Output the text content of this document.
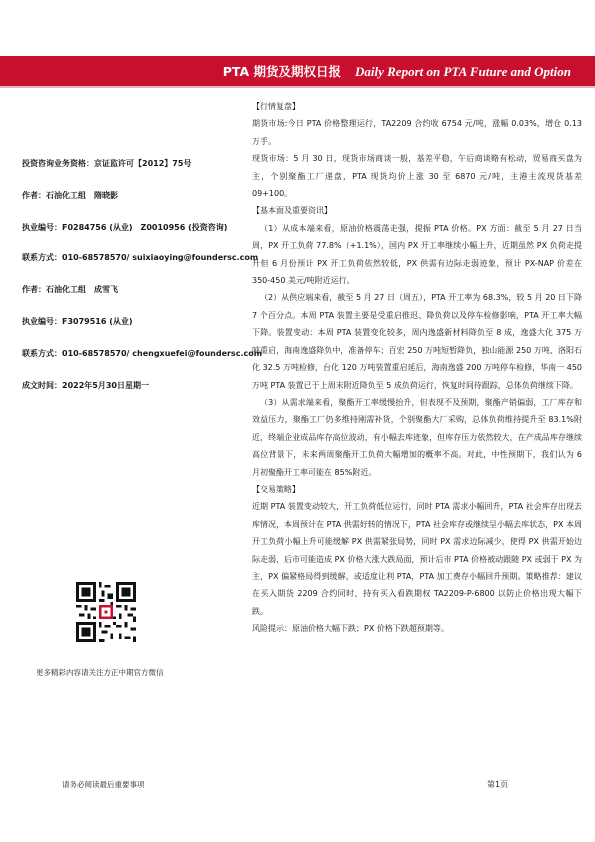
PTA 期货及期权日报 Daily Report on PTA Future and Option
投资咨询业务资格：京证监许可【2012】75号
作者：石油化工组　隋晓影
执业编号：F0284756 (从业)　Z0010956 (投资咨询)
联系方式：010-68578570/ suixiaoying@foundersc.com
作者：石油化工组　成雪飞
执业编号：F3079516 (从业)
联系方式：010-68578570/ chengxuefei@foundersc.com
成文时间：2022年5月30日星期一
更多精彩内容请关注方正中期官方微信
【行情复盘】

期货市场:今日 PTA 价格整理运行，TA2209 合约收 6754 元/吨，涨幅 0.03%，增仓 0.13 万手。

现货市场：5 月 30 日，现货市场商谈一般，基差平稳，午后商谈略有松动，贸易商买盘为主，个别聚酯工厂递盘，PTA 现货均价上涨 30 至 6870 元/吨，主港主流现货基差 09+100。

【基本面及重要资讯】

（1）从成本端来看，原油价格震荡走强，提振 PTA 价格。PX 方面：截至 5 月 27 日当周，PX 开工负荷 77.8%（+1.1%），国内 PX 开工率继续小幅上升，近期虽然 PX 负荷走提升但 6 月份预计 PX 开工负荷依然较低，PX 供需有边际走弱迹象，预计 PX-NAP 价差在 350-450 美元/吨附近运行。

（2）从供应端来看，截至 5 月 27 日（周五），PTA 开工率为 68.3%，较 5 月 20 日下降 7 个百分点。本周 PTA 装置主要是受重启推迟、降负荷以及停车检修影响，PTA 开工率大幅下降。装置变动：本周 PTA 装置变化较多，周内逸盛新材料降负至 8 成，逸盛大化 375 万吨重启，海南逸盛降负中，准备停车；百宏 250 万吨短暂降负，独山能源 250 万吨、洛阳石化 32.5 万吨检修，台化 120 万吨装置重启延后，海南逸盛 200 万吨停车检修，华南一 450 万吨 PTA 装置已于上周末附近降负至 5 成负荷运行，恢复时间待跟踪，总体负荷继续下降。

（3）从需求端来看，聚酯开工率缓慢抬升，但表现不及预期，聚酯产销偏弱，工厂库存和效益压力，聚酯工厂仍多维持刚需补货，个别聚酯大厂采购，总体负荷维持提升至 83.1%附近，终端企业成品库存高位波动，有小幅去库迹象，但库存压力依然较大，在产成品库存继续高位背景下，未来两周聚酯开工负荷大幅增加的概率不高。对此，中性预期下，我们认为 6 月初聚酯开工率可能在 85%附近。

【交易策略】

近期 PTA 装置变动较大，开工负荷低位运行，同时 PTA 需求小幅回升，PTA 社会库存出现去库情况，本周预计在 PTA 供需好转的情况下，PTA 社会库存或继续呈小幅去库状态，PX 本周开工负荷小幅上升可能缓解 PX 供需紧张局势，同时 PX 需求边际减少，使得 PX 供需开始边际走弱，后市可能造成 PX 价格大涨大跌局面，预计后市 PTA 价格被动跟随 PX 或弱于 PX 为主，PX 偏紧格局得到缓解，或适度让利 PTA，PTA 加工费存小幅回升预期。策略推荐：建议在买入期货 2209 合约同时，持有买入看跌期权 TA2209-P-6800 以防止价格出现大幅下跌。

风险提示：原油价格大幅下跌；PX 价格下跌超预期等。

请务必阅读最后重要事项	第1页
